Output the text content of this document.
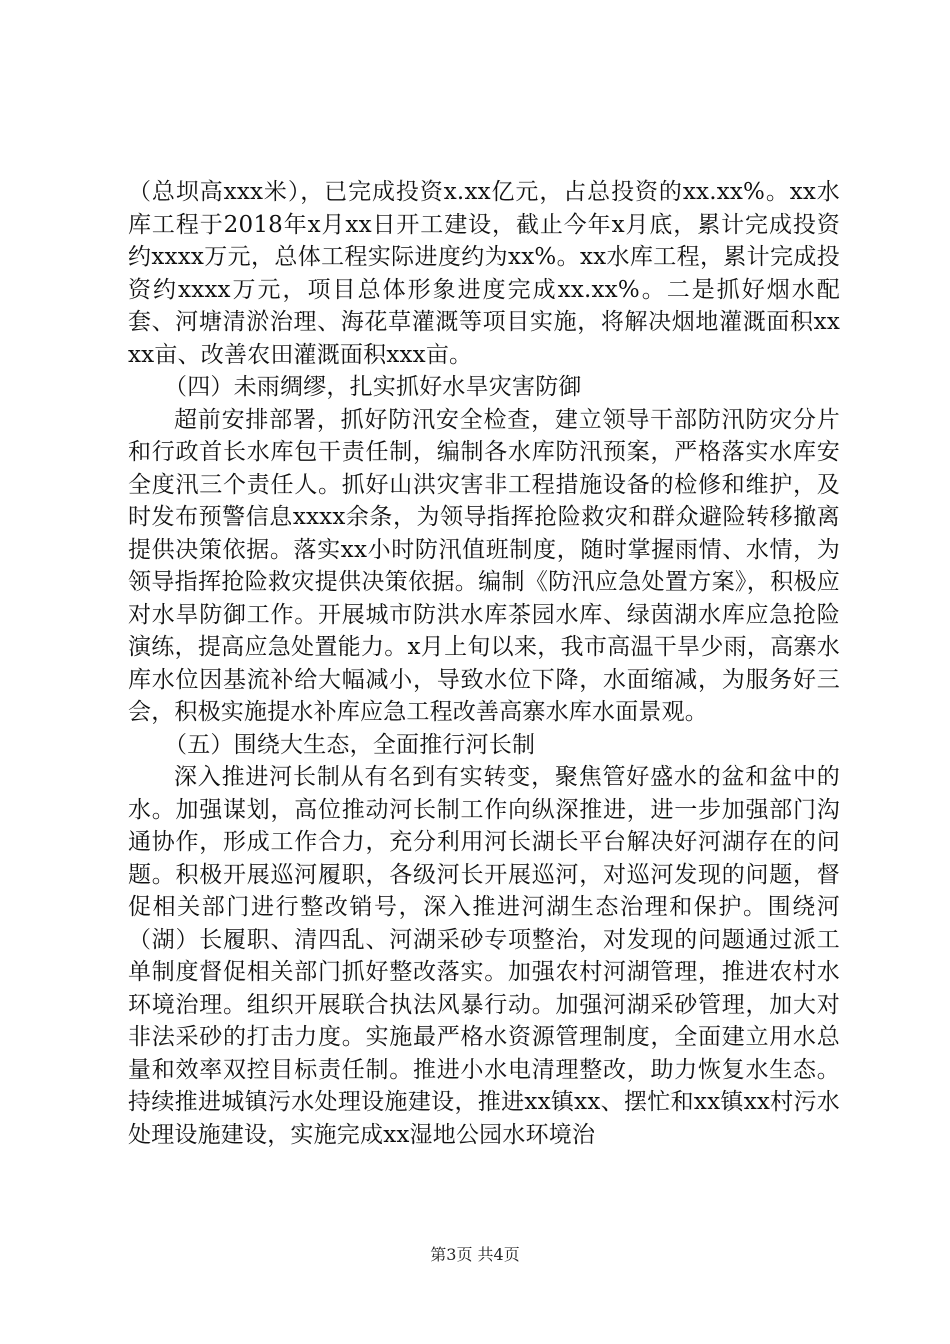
（总坝高xxx米），已完成投资x.xx亿元，占总投资的xx.xx%。xx水库工程于2018年x月xx日开工建设，截止今年x月底，累计完成投资约xxxx万元，总体工程实际进度约为xx%。xx水库工程，累计完成投资约xxxx万元，项目总体形象进度完成xx.xx%。二是抓好烟水配套、河塘清淤治理、海花草灌溉等项目实施，将解决烟地灌溉面积xxxx亩、改善农田灌溉面积xxx亩。

（四）未雨绸缪，扎实抓好水旱灾害防御

超前安排部署，抓好防汛安全检查，建立领导干部防汛防灾分片和行政首长水库包干责任制，编制各水库防汛预案，严格落实水库安全度汛三个责任人。抓好山洪灾害非工程措施设备的检修和维护，及时发布预警信息xxxx余条，为领导指挥抢险救灾和群众避险转移撤离提供决策依据。落实xx小时防汛值班制度，随时掌握雨情、水情，为领导指挥抢险救灾提供决策依据。编制《防汛应急处置方案》，积极应对水旱防御工作。开展城市防洪水库茶园水库、绿茵湖水库应急抢险演练，提高应急处置能力。x月上旬以来，我市高温干旱少雨，高寨水库水位因基流补给大幅减小，导致水位下降，水面缩减，为服务好三会，积极实施提水补库应急工程改善高寨水库水面景观。

（五）围绕大生态，全面推行河长制

深入推进河长制从有名到有实转变，聚焦管好盛水的盆和盆中的水。加强谋划，高位推动河长制工作向纵深推进，进一步加强部门沟通协作，形成工作合力，充分利用河长湖长平台解决好河湖存在的问题。积极开展巡河履职，各级河长开展巡河，对巡河发现的问题，督促相关部门进行整改销号，深入推进河湖生态治理和保护。围绕河（湖）长履职、清四乱、河湖采砂专项整治，对发现的问题通过派工单制度督促相关部门抓好整改落实。加强农村河湖管理，推进农村水环境治理。组织开展联合执法风暴行动。加强河湖采砂管理，加大对非法采砂的打击力度。实施最严格水资源管理制度，全面建立用水总量和效率双控目标责任制。推进小水电清理整改，助力恢复水生态。持续推进城镇污水处理设施建设，推进xx镇xx、摆忙和xx镇xx村污水处理设施建设，实施完成xx湿地公园水环境治

第3页 共4页
